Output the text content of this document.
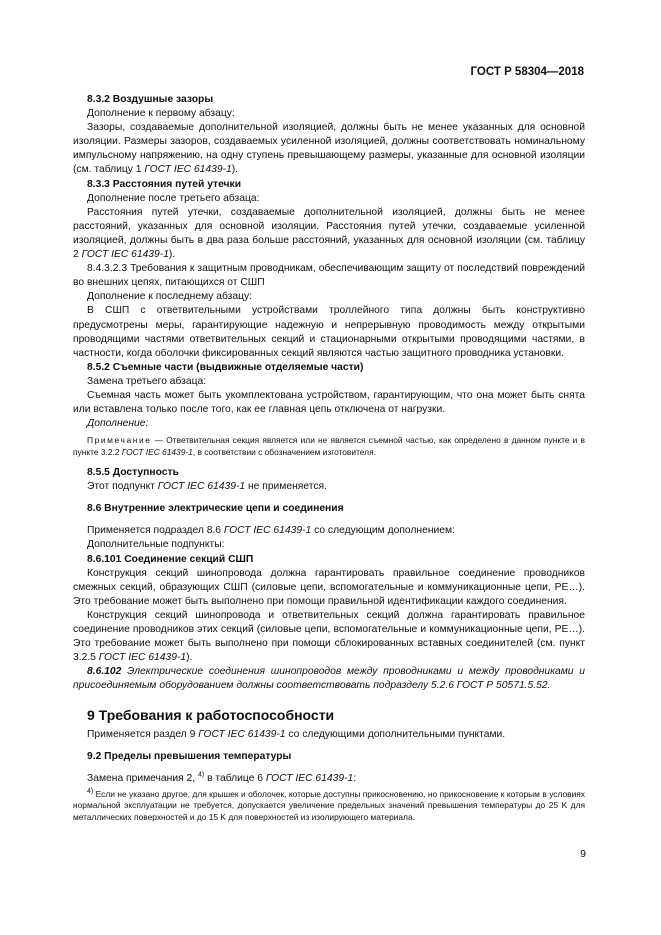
ГОСТ Р 58304—2018

8.3.2 Воздушные зазоры

Дополнение к первому абзацу:

Зазоры, создаваемые дополнительной изоляцией, должны быть не менее указанных для основной изоляции. Размеры зазоров, создаваемых усиленной изоляцией, должны соответствовать номинальному импульсному напряжению, на одну ступень превышающему размеры, указанные для основной изоляции (см. таблицу 1 ГОСТ IEC 61439-1).

8.3.3 Расстояния путей утечки

Дополнение после третьего абзаца:

Расстояния путей утечки, создаваемые дополнительной изоляцией, должны быть не менее расстояний, указанных для основной изоляции. Расстояния путей утечки, создаваемые усиленной изоляцией, должны быть в два раза больше расстояний, указанных для основной изоляции (см. таблицу 2 ГОСТ IEC 61439-1).

8.4.3.2.3 Требования к защитным проводникам, обеспечивающим защиту от последствий повреждений во внешних цепях, питающихся от СШП

Дополнение к последнему абзацу:

В СШП с ответвительными устройствами троллейного типа должны быть конструктивно предусмотрены меры, гарантирующие надежную и непрерывную проводимость между открытыми проводящими частями ответвительных секций и стационарными открытыми проводящими частями, в частности, когда оболочки фиксированных секций являются частью защитного проводника установки.

8.5.2 Съемные части (выдвижные отделяемые части)

Замена третьего абзаца:

Съемная часть может быть укомплектована устройством, гарантирующим, что она может быть снята или вставлена только после того, как ее главная цепь отключена от нагрузки.

Дополнение:

Примечание — Ответвительная секция является или не является съемной частью, как определено в данном пункте и в пункте 3.2.2 ГОСТ IEC 61439-1, в соответствии с обозначением изготовителя.

8.5.5 Доступность

Этот подпункт ГОСТ IEC 61439-1 не применяется.

8.6 Внутренние электрические цепи и соединения

Применяется подраздел 8.6 ГОСТ IEC 61439-1 со следующим дополнением:

Дополнительные подпункты:

8.6.101 Соединение секций СШП

Конструкция секций шинопровода должна гарантировать правильное соединение проводников смежных секций, образующих СШП (силовые цепи, вспомогательные и коммуникационные цепи, PE…). Это требование может быть выполнено при помощи правильной идентификации каждого соединения.

Конструкция секций шинопровода и ответвительных секций должна гарантировать правильное соединение проводников этих секций (силовые цепи, вспомогательные и коммуникационные цепи, PE…). Это требование может быть выполнено при помощи сблокированных вставных соединителей (см. пункт 3.2.5 ГОСТ IEC 61439-1).

8.6.102 Электрические соединения шинопроводов между проводниками и между проводниками и присоединяемым оборудованием должны соответствовать подразделу 5.2.6 ГОСТ Р 50571.5.52.

9 Требования к работоспособности

Применяется раздел 9 ГОСТ IEC 61439-1 со следующими дополнительными пунктами.

9.2 Пределы превышения температуры

Замена примечания 2, $^{4)}$ в таблице 6 ГОСТ IEC 61439-1:

$^{4)}$ Если не указано другое, для крышек и оболочек, которые доступны прикосновению, но прикосновение к которым в условиях нормальной эксплуатации не требуется, допускается увеличение предельных значений превышения температуры до 25 K для металлических поверхностей и до 15 K для поверхностей из изолирующего материала.

9
